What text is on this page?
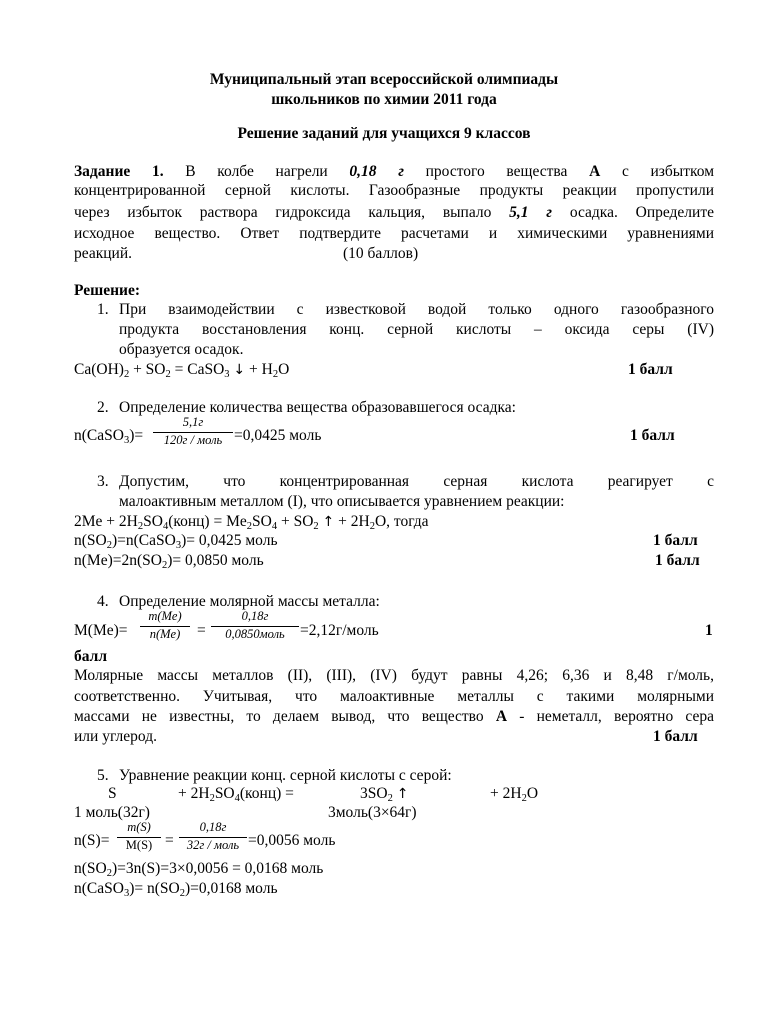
Муниципальный этап всероссийской олимпиады
школьников по химии 2011 года
Решение заданий для учащихся 9 классов
Задание 1. В колбе нагрели 0,18 г простого вещества А с избытком
концентрированной серной кислоты. Газообразные продукты реакции пропустили
через избыток раствора гидроксида кальция, выпало 5,1 г осадка. Определите
исходное вещество. Ответ подтвердите расчетами и химическими уравнениями
реакций.	(10 баллов)
Решение:
1. При взаимодействии с известковой водой только одного газообразного
продукта восстановления конц. серной кислоты – оксида серы (IV)
образуется осадок.
$Ca(OH)_2 + SO_2$ = CaSO$_3$ ↓ + $H_2O$	1 балл
2. Определение количества вещества образовавшегося осадка:
n(CaSO$_3$)=
5,1г
120г / моль =0,0425 моль	1 балл
3. Допустим, что концентрированная серная кислота реагирует с
малоактивным металлом (I), что описывается уравнением реакции:
$2Me + 2H_2SO_4(конц) = Me_2SO_4 + SO_2$ ↑ + $2H_2O$, тогда
$n(SO_2)=n(CaSO_3)= 0,0425$ моль	1 балл
$n(Me)=2n(SO_2)= 0,0850$ моль	1 балл
4. Определение молярной массы металла:
M(Me)=
m(Me)
n(Me)	=
0,18г
0,0850моль =2,12г/моль	1
балл
Молярные массы металлов (II), (III), (IV) будут равны 4,26; 6,36 и 8,48 г/моль,
соответственно. Учитывая, что малоактивные металлы с такими молярными
массами не известны, то делаем вывод, что вещество А - неметалл, вероятно сера
или углерод.	1 балл
5. Уравнение реакции конц. серной кислоты с серой:
S	+ $2H_2SO_4(конц)$ =	$3SO_2$ ↑	+ $2H_2O$
1 моль(32г)	3моль(3×64г)
n(S)=
m(S)
M(S) =
0,18г
32г / моль =0,0056 моль
$n(SO_2)=3n(S)=3\times 0,0056 = 0,0168$ моль
n(CaSO$_3$)= $n(SO_2)=0,0168$ моль
